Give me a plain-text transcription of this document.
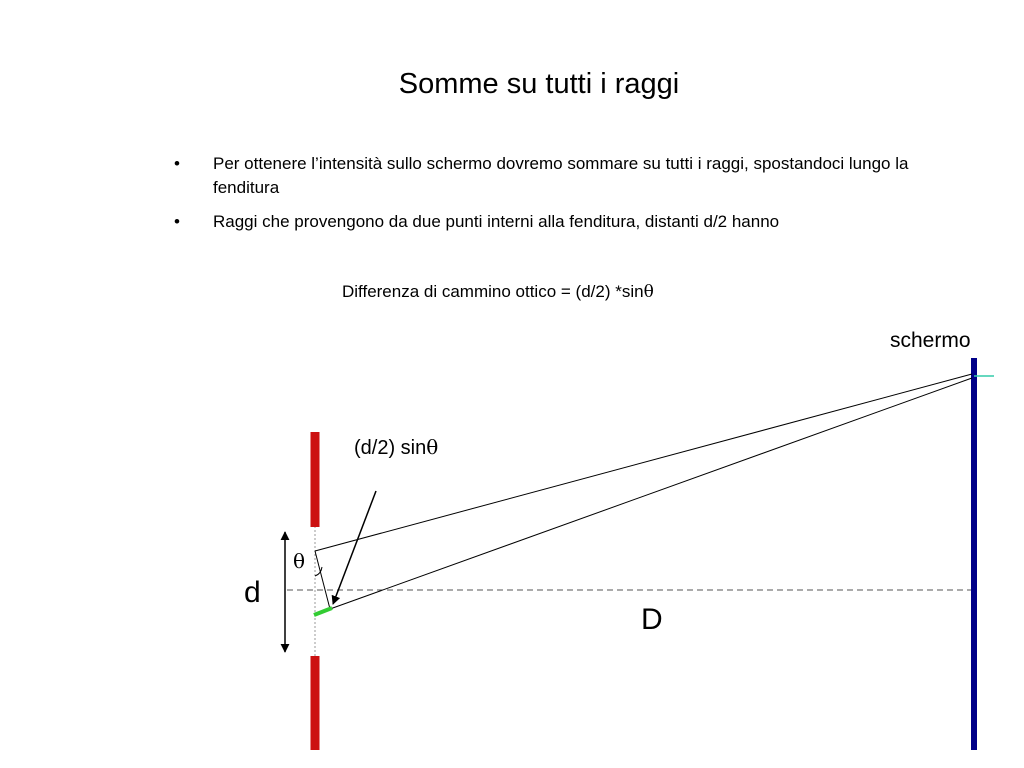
Somme su tutti i raggi
• Per ottenere l’intensità sullo schermo dovremo sommare su tutti i raggi, spostandoci lungo la fenditura
• Raggi che provengono da due punti interni alla fenditura, distanti d/2 hanno
Differenza di cammino ottico = (d/2) *sinθ
schermo
(d/2) sinθ
θ
d
D
